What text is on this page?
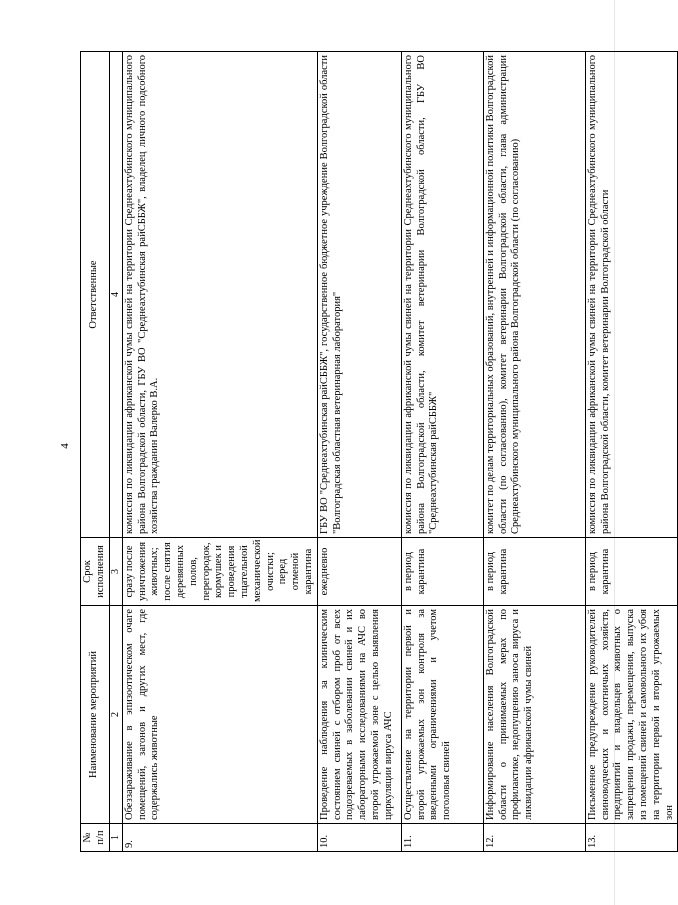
4
№ п/п	Наименование мероприятий	Срок исполнения	Ответственные
1	2	3	4
9.	Обеззараживание в эпизоотическом очаге помещений, загонов и других мест, где содержались животные	сразу после уничтожения животных; после снятия деревянных полов, перегородок, кормушек и проведения тщательной механической очистки; перед отменой карантина	комиссия по ликвидации африканской чумы свиней на территории Среднеахтубинского муниципального района Волгоградской области, ГБУ ВО "Среднеахтубинская райСББЖ", владелец личного подсобного хозяйства гражданин Валерко В.А.
10.	Проведение наблюдения за клиническим состоянием свиней с отбором проб от всех подозреваемых в заболевании свиней и их лабораторными исследованиями на АЧС во второй угрожаемой зоне с целью выявления циркуляции вируса АЧС	ежедневно	ГБУ ВО "Среднеахтубинская райСББЖ", государственное бюджетное учреждение Волгоградской области "Волгоградская областная ветеринарная лаборатория"
11.	Осуществление на территории первой и второй угрожаемых зон контроля за введенными ограничениями и учетом поголовья свиней	в период карантина	комиссия по ликвидации африканской чумы свиней на территории Среднеахтубинского муниципального района Волгоградской области, комитет ветеринарии Волгоградской области, ГБУ ВО "Среднеахтубинская райСББЖ"
12.	Информирование населения Волгоградской области о принимаемых мерах по профилактике, недопущению заноса вируса и ликвидации африканской чумы свиней	в период карантина	комитет по делам территориальных образований, внутренней и информационной политики Волгоградской области (по согласованию), комитет ветеринарии Волгоградской области, глава администрации Среднеахтубинского муниципального района Волгоградской области (по согласованию)
13.	Письменное предупреждение руководителей свиноводческих и охотничьих хозяйств, предприятий и владельцев животных о запрещении продажи, перемещения, выпуска из помещений свиней и самовольного их убоя на территории первой и второй угрожаемых зон	в период карантина	комиссия по ликвидации африканской чумы свиней на территории Среднеахтубинского муниципального района Волгоградской области, комитет ветеринарии Волгоградской области
